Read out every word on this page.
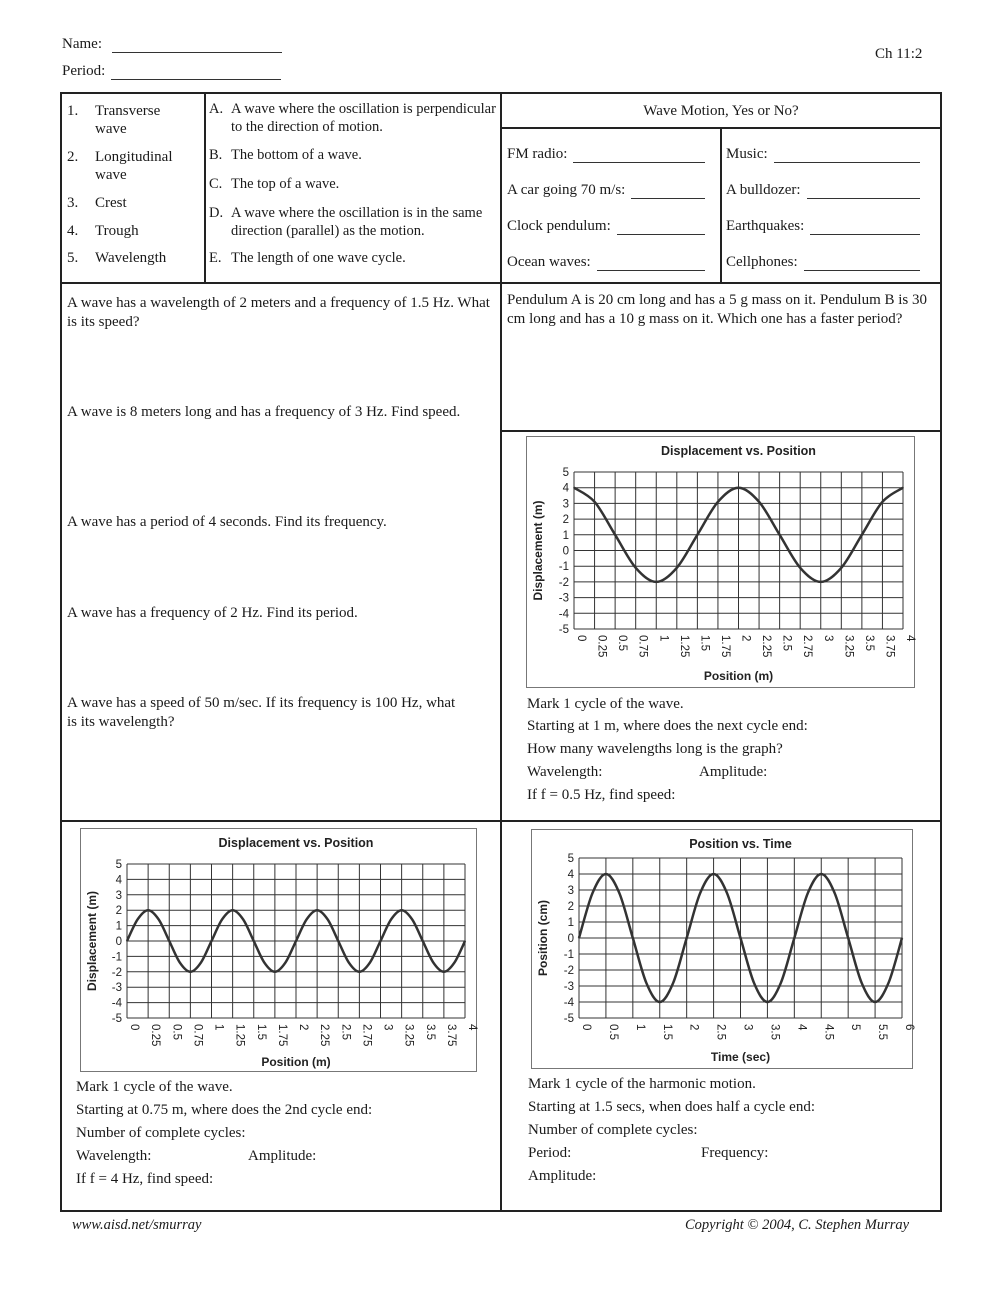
Name:
Period:
Ch 11:2
1. Transverse wave
2. Longitudinal wave
3. Crest
4. Trough
5. Wavelength
A. A wave where the oscillation is perpendicular to the direction of motion.
B. The bottom of a wave.
C. The top of a wave.
D. A wave where the oscillation is in the same direction (parallel) as the motion.
E. The length of one wave cycle.
Wave Motion, Yes or No?
FM radio:
A car going 70 m/s:
Clock pendulum:
Ocean waves:
Music:
A bulldozer:
Earthquakes:
Cellphones:
A wave has a wavelength of 2 meters and a frequency of 1.5 Hz. What is its speed?
A wave is 8 meters long and has a frequency of 3 Hz. Find speed.
A wave has a period of 4 seconds. Find its frequency.
A wave has a frequency of 2 Hz. Find its period.
A wave has a speed of 50 m/sec. If its frequency is 100 Hz, what is its wavelength?
Pendulum A is 20 cm long and has a 5 g mass on it. Pendulum B is 30 cm long and has a 10 g mass on it. Which one has a faster period?
Displacement vs. Position
5
4
3
2
1
0
-1
-2
-3
-4
-5
0 0.25 0.5 0.75 1 1.25 1.5 1.75 2 2.25 2.5 2.75 3 3.25 3.5 3.75 4
Position (m)
Displacement (m)
Mark 1 cycle of the wave.
Starting at 1 m, where does the next cycle end:
How many wavelengths long is the graph?
Wavelength:	Amplitude:
If f = 0.5 Hz, find speed:
Displacement vs. Position
5
4
3
2
1
0
-1
-2
-3
-4
-5
0 0.25 0.5 0.75 1 1.25 1.5 1.75 2 2.25 2.5 2.75 3 3.25 3.5 3.75 4
Position (m)
Displacement (m)
Mark 1 cycle of the wave.
Starting at 0.75 m, where does the 2nd cycle end:
Number of complete cycles:
Wavelength:	Amplitude:
If f = 4 Hz, find speed:
Position vs. Time
5
4
3
2
1
0
-1
-2
-3
-4
-5
0 0.5 1 1.5 2 2.5 3 3.5 4 4.5 5 5.5 6
Time (sec)
Position (cm)
Mark 1 cycle of the harmonic motion.
Starting at 1.5 secs, when does half a cycle end:
Number of complete cycles:
Period:	Frequency:
Amplitude:
www.aisd.net/smurray	Copyright © 2004, C. Stephen Murray
